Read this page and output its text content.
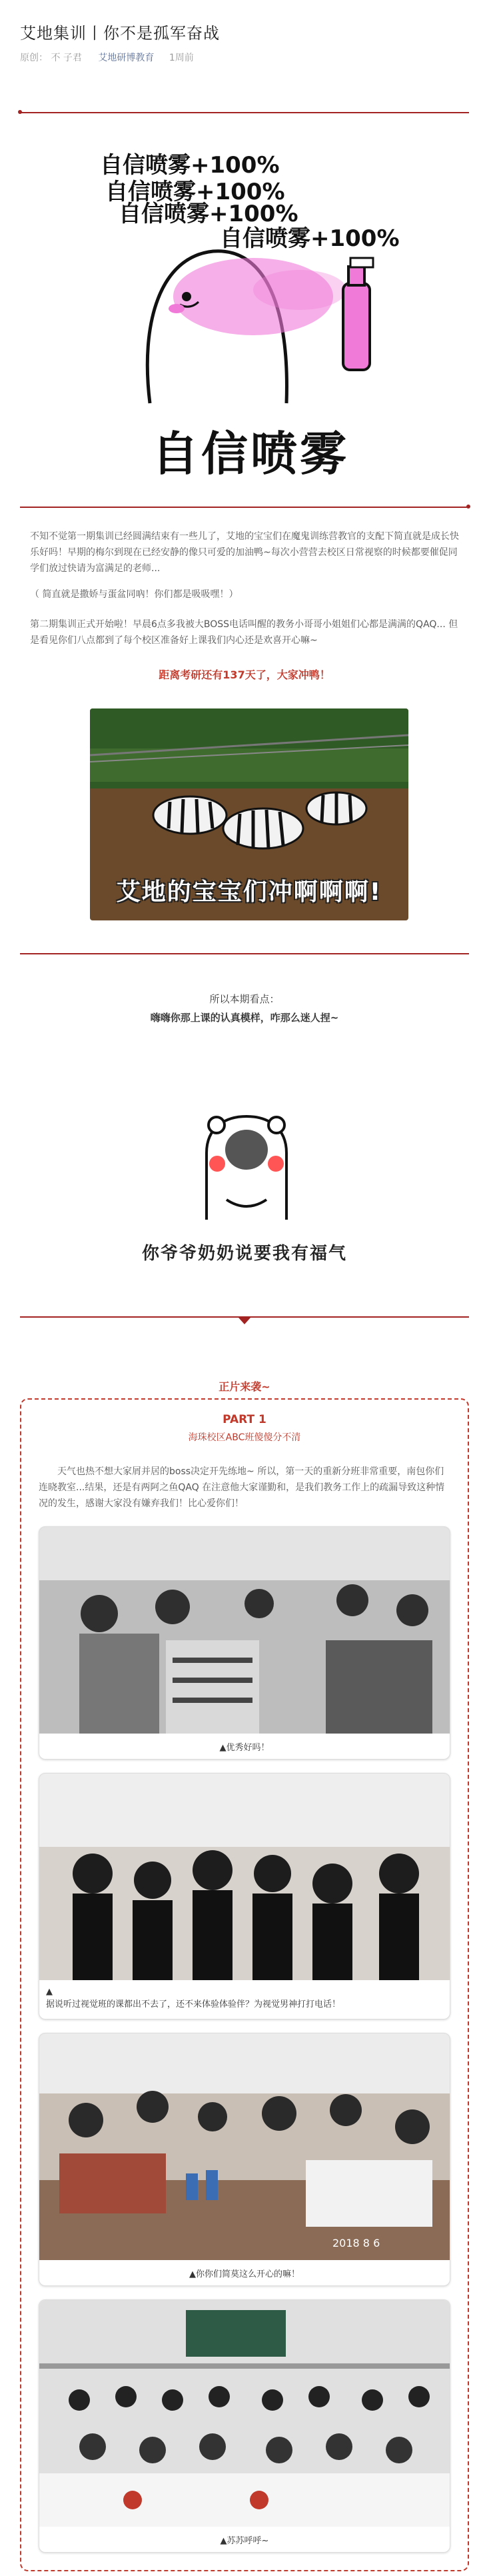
艾地集训丨你不是孤军奋战
原创： 不 子君 艾地研博教育 1周前
自信喷雾+100%
自信喷雾+100%
自信喷雾+100%
自信喷雾+100%
自信喷雾
不知不觉第一期集训已经圆满结束有一些儿了，艾地的宝宝们在魔鬼训练营教官的支配下简直就是成长快乐好吗！早期的梅尔到现在已经安静的像只可爱的加油鸭~每次小营营去校区日常视察的时候都要催促同学们放过快请为富满足的老师...
（ 简直就是撒娇与蛋盆同吶！你们都是吸吸嘿！）
第二期集训正式开始啦！早晨6点多我被大BOSS电话叫醒的教务小哥哥小姐姐们心都是满满的QAQ... 但是看见你们八点都到了每个校区准备好上课我们内心还是欢喜开心嘛~
距离考研还有137天了，大家冲鸭！
艾地的宝宝们冲啊啊啊!
所以本期看点：
嗨嗨你那上课的认真模样，咋那么迷人捏~
你爷爷奶奶说要我有福气
正片来袭~
PART 1
海珠校区ABC班傻傻分不清
天气也热不想大家屑并居的boss决定开先练地~ 所以，第一天的重新分班非常重要，南包你们连晓教室...结果，还是有两阿之鱼QAQ 在注意他大家谨勤和，是我们教务工作上的疏漏导致这种情况的发生，感谢大家没有嫌弃我们！比心爱你们！
▲优秀好吗！
▲
据说听过视觉班的课都出不去了，还不来体验体验伴？为视觉男神打打电话！
2018 8 6
▲你你们简莫这么开心的嘛！
▲苏苏呼呼~
